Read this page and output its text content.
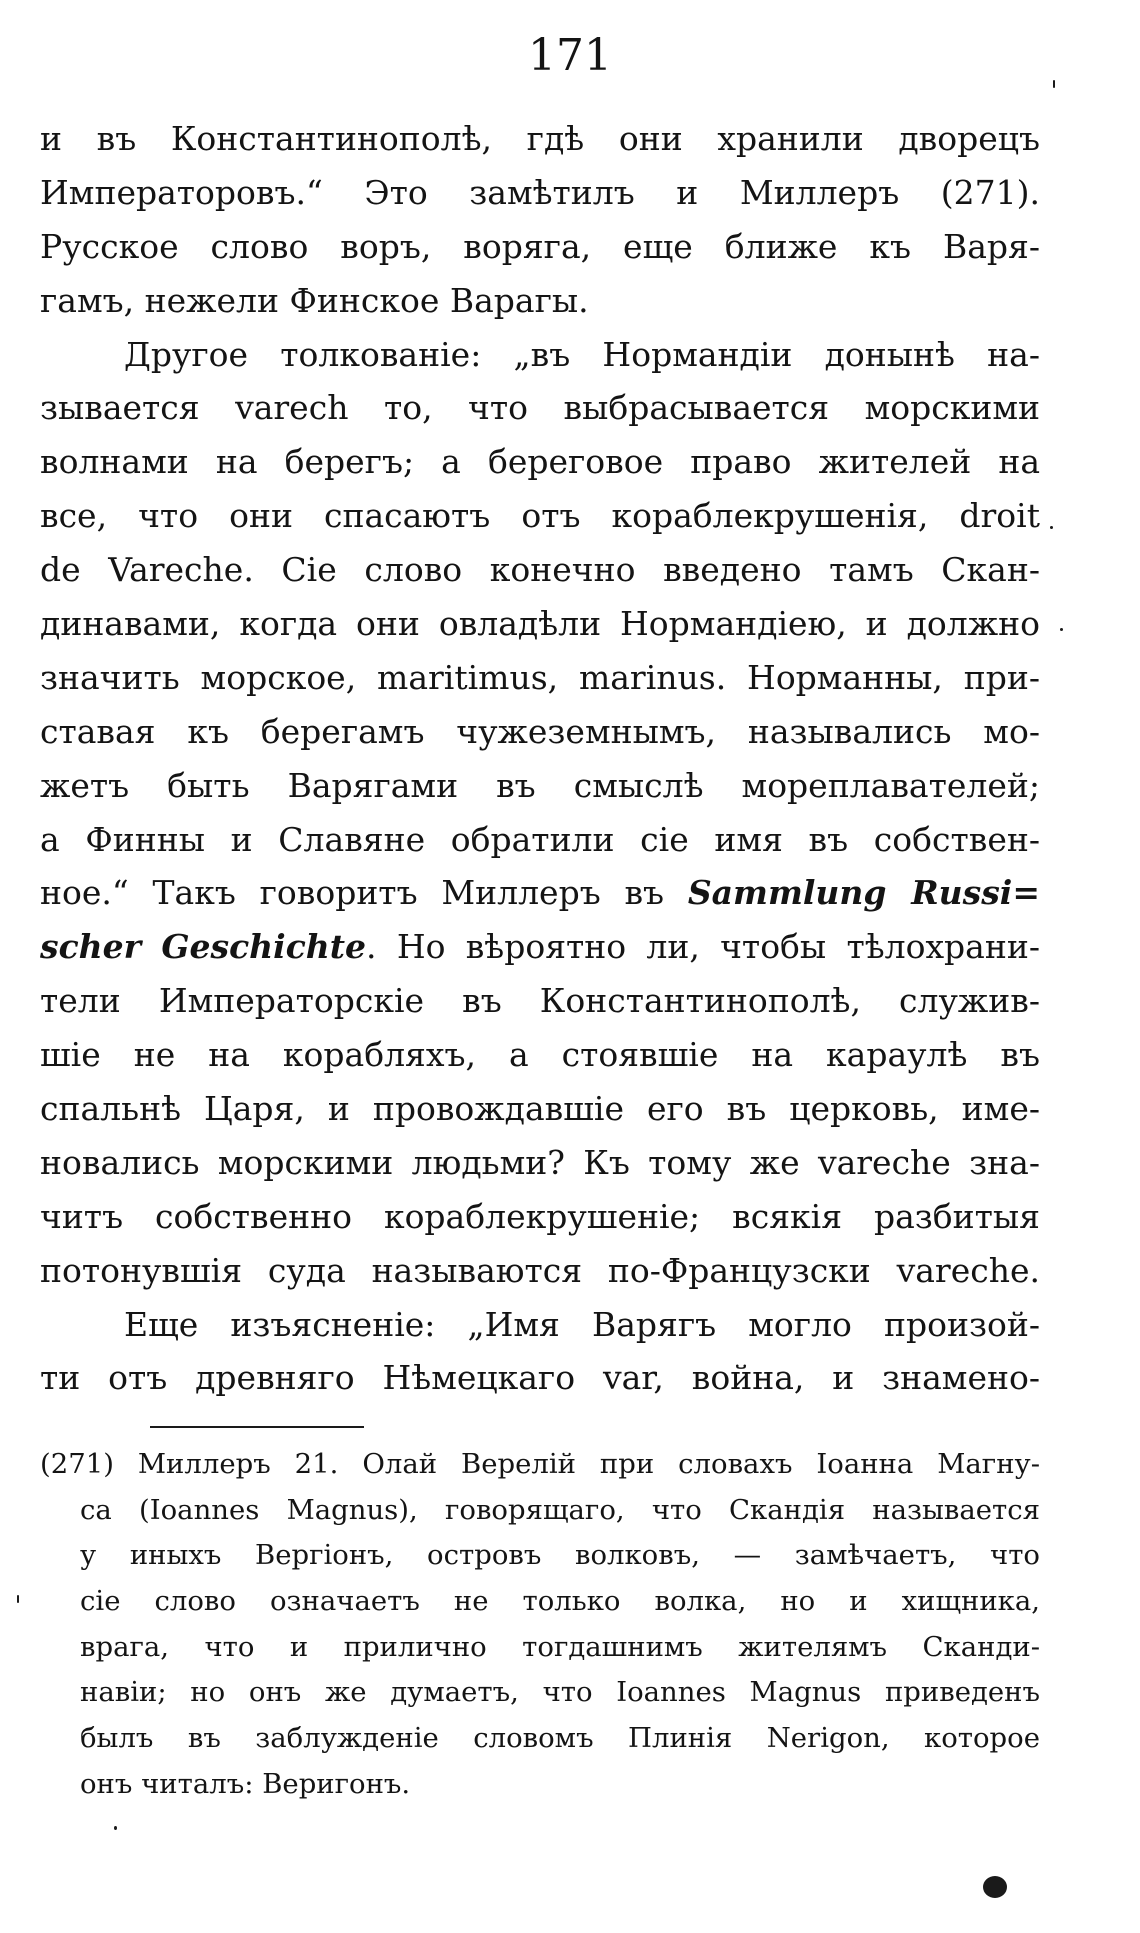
171
и въ Константинополѣ, гдѣ они хранили дворецъ
Императоровъ.“ Это замѣтилъ и Миллеръ (271).
Русское слово воръ, воряга, еще ближе къ Варя-
гамъ, нежели Финское Варагы.
Другое толкованіе: „въ Нормандіи донынѣ на-
зывается varech то, что выбрасывается морскими
волнами на берегъ; а береговое право жителей на
все, что они спасаютъ отъ кораблекрушенія, droit
de Vareche. Сіе слово конечно введено тамъ Скан-
динавами, когда они овладѣли Нормандіею, и должно
значить морское, maritimus, marinus. Норманны, при-
ставая къ берегамъ чужеземнымъ, назывались мо-
жетъ быть Варягами въ смыслѣ мореплавателей;
а Финны и Славяне обратили сіе имя въ собствен-
ное.“ Такъ говоритъ Миллеръ въ Sammlung Russi=
scher Geschichte. Но вѣроятно ли, чтобы тѣлохрани-
тели Императорскіе въ Константинополѣ, служив-
шіе не на корабляхъ, а стоявшіе на караулѣ въ
спальнѣ Царя, и провождавшіе его въ церковь, име-
новались морскими людьми? Къ тому же vareche зна-
читъ собственно кораблекрушеніе; всякія разбитыя
потонувшія суда называются по-Французски vareche.
Еще изъясненіе: „Имя Варягъ могло произой-
ти отъ древняго Нѣмецкаго var, война, и знамено-
(271) Миллеръ 21. Олай Верелій при словахъ Іоанна Магну-
са (Ioannes Magnus), говорящаго, что Скандія называется
у иныхъ Вергіонъ, островъ волковъ, — замѣчаетъ, что
сіе слово означаетъ не только волка, но и хищника,
врага, что и прилично тогдашнимъ жителямъ Сканди-
навіи; но онъ же думаетъ, что Ioannes Magnus приведенъ
былъ въ заблужденіе словомъ Плинія Nerigon, которое
онъ читалъ: Веригонъ.
